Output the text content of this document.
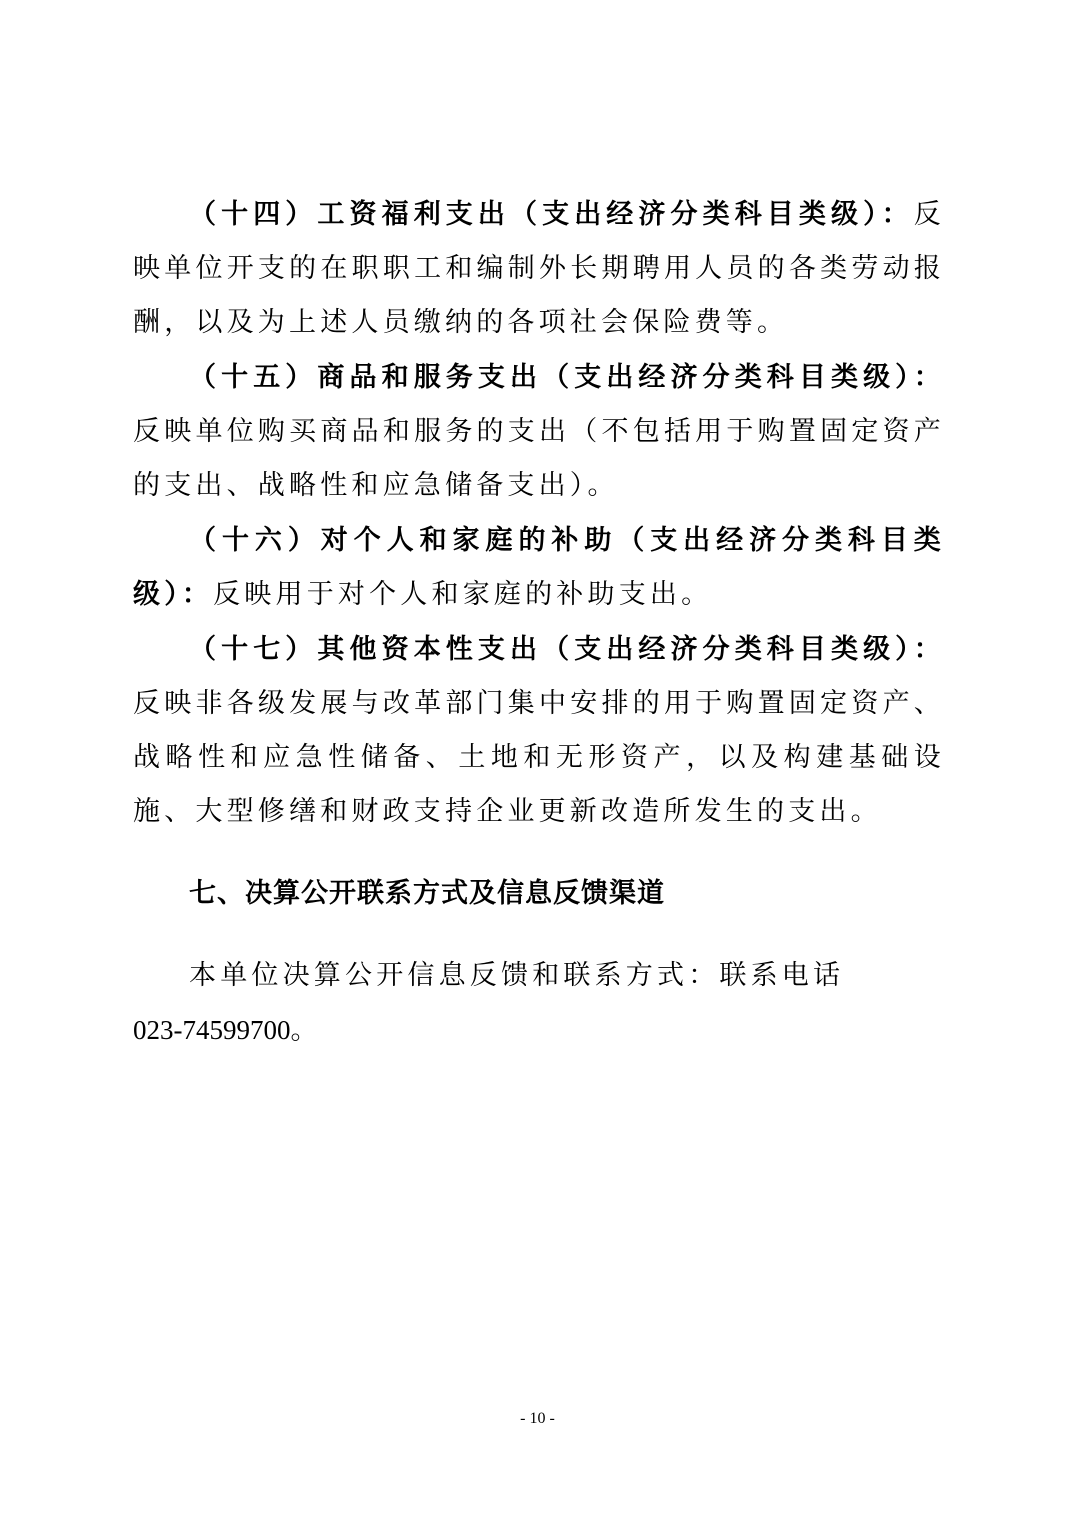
（十四）工资福利支出（支出经济分类科目类级）：反映单位开支的在职职工和编制外长期聘用人员的各类劳动报酬，以及为上述人员缴纳的各项社会保险费等。

（十五）商品和服务支出（支出经济分类科目类级）：反映单位购买商品和服务的支出（不包括用于购置固定资产的支出、战略性和应急储备支出）。

（十六）对个人和家庭的补助（支出经济分类科目类级）：反映用于对个人和家庭的补助支出。

（十七）其他资本性支出（支出经济分类科目类级）：反映非各级发展与改革部门集中安排的用于购置固定资产、战略性和应急性储备、土地和无形资产，以及构建基础设施、大型修缮和财政支持企业更新改造所发生的支出。

七、决算公开联系方式及信息反馈渠道

本单位决算公开信息反馈和联系方式：联系电话
023-74599700。

- 10 -
